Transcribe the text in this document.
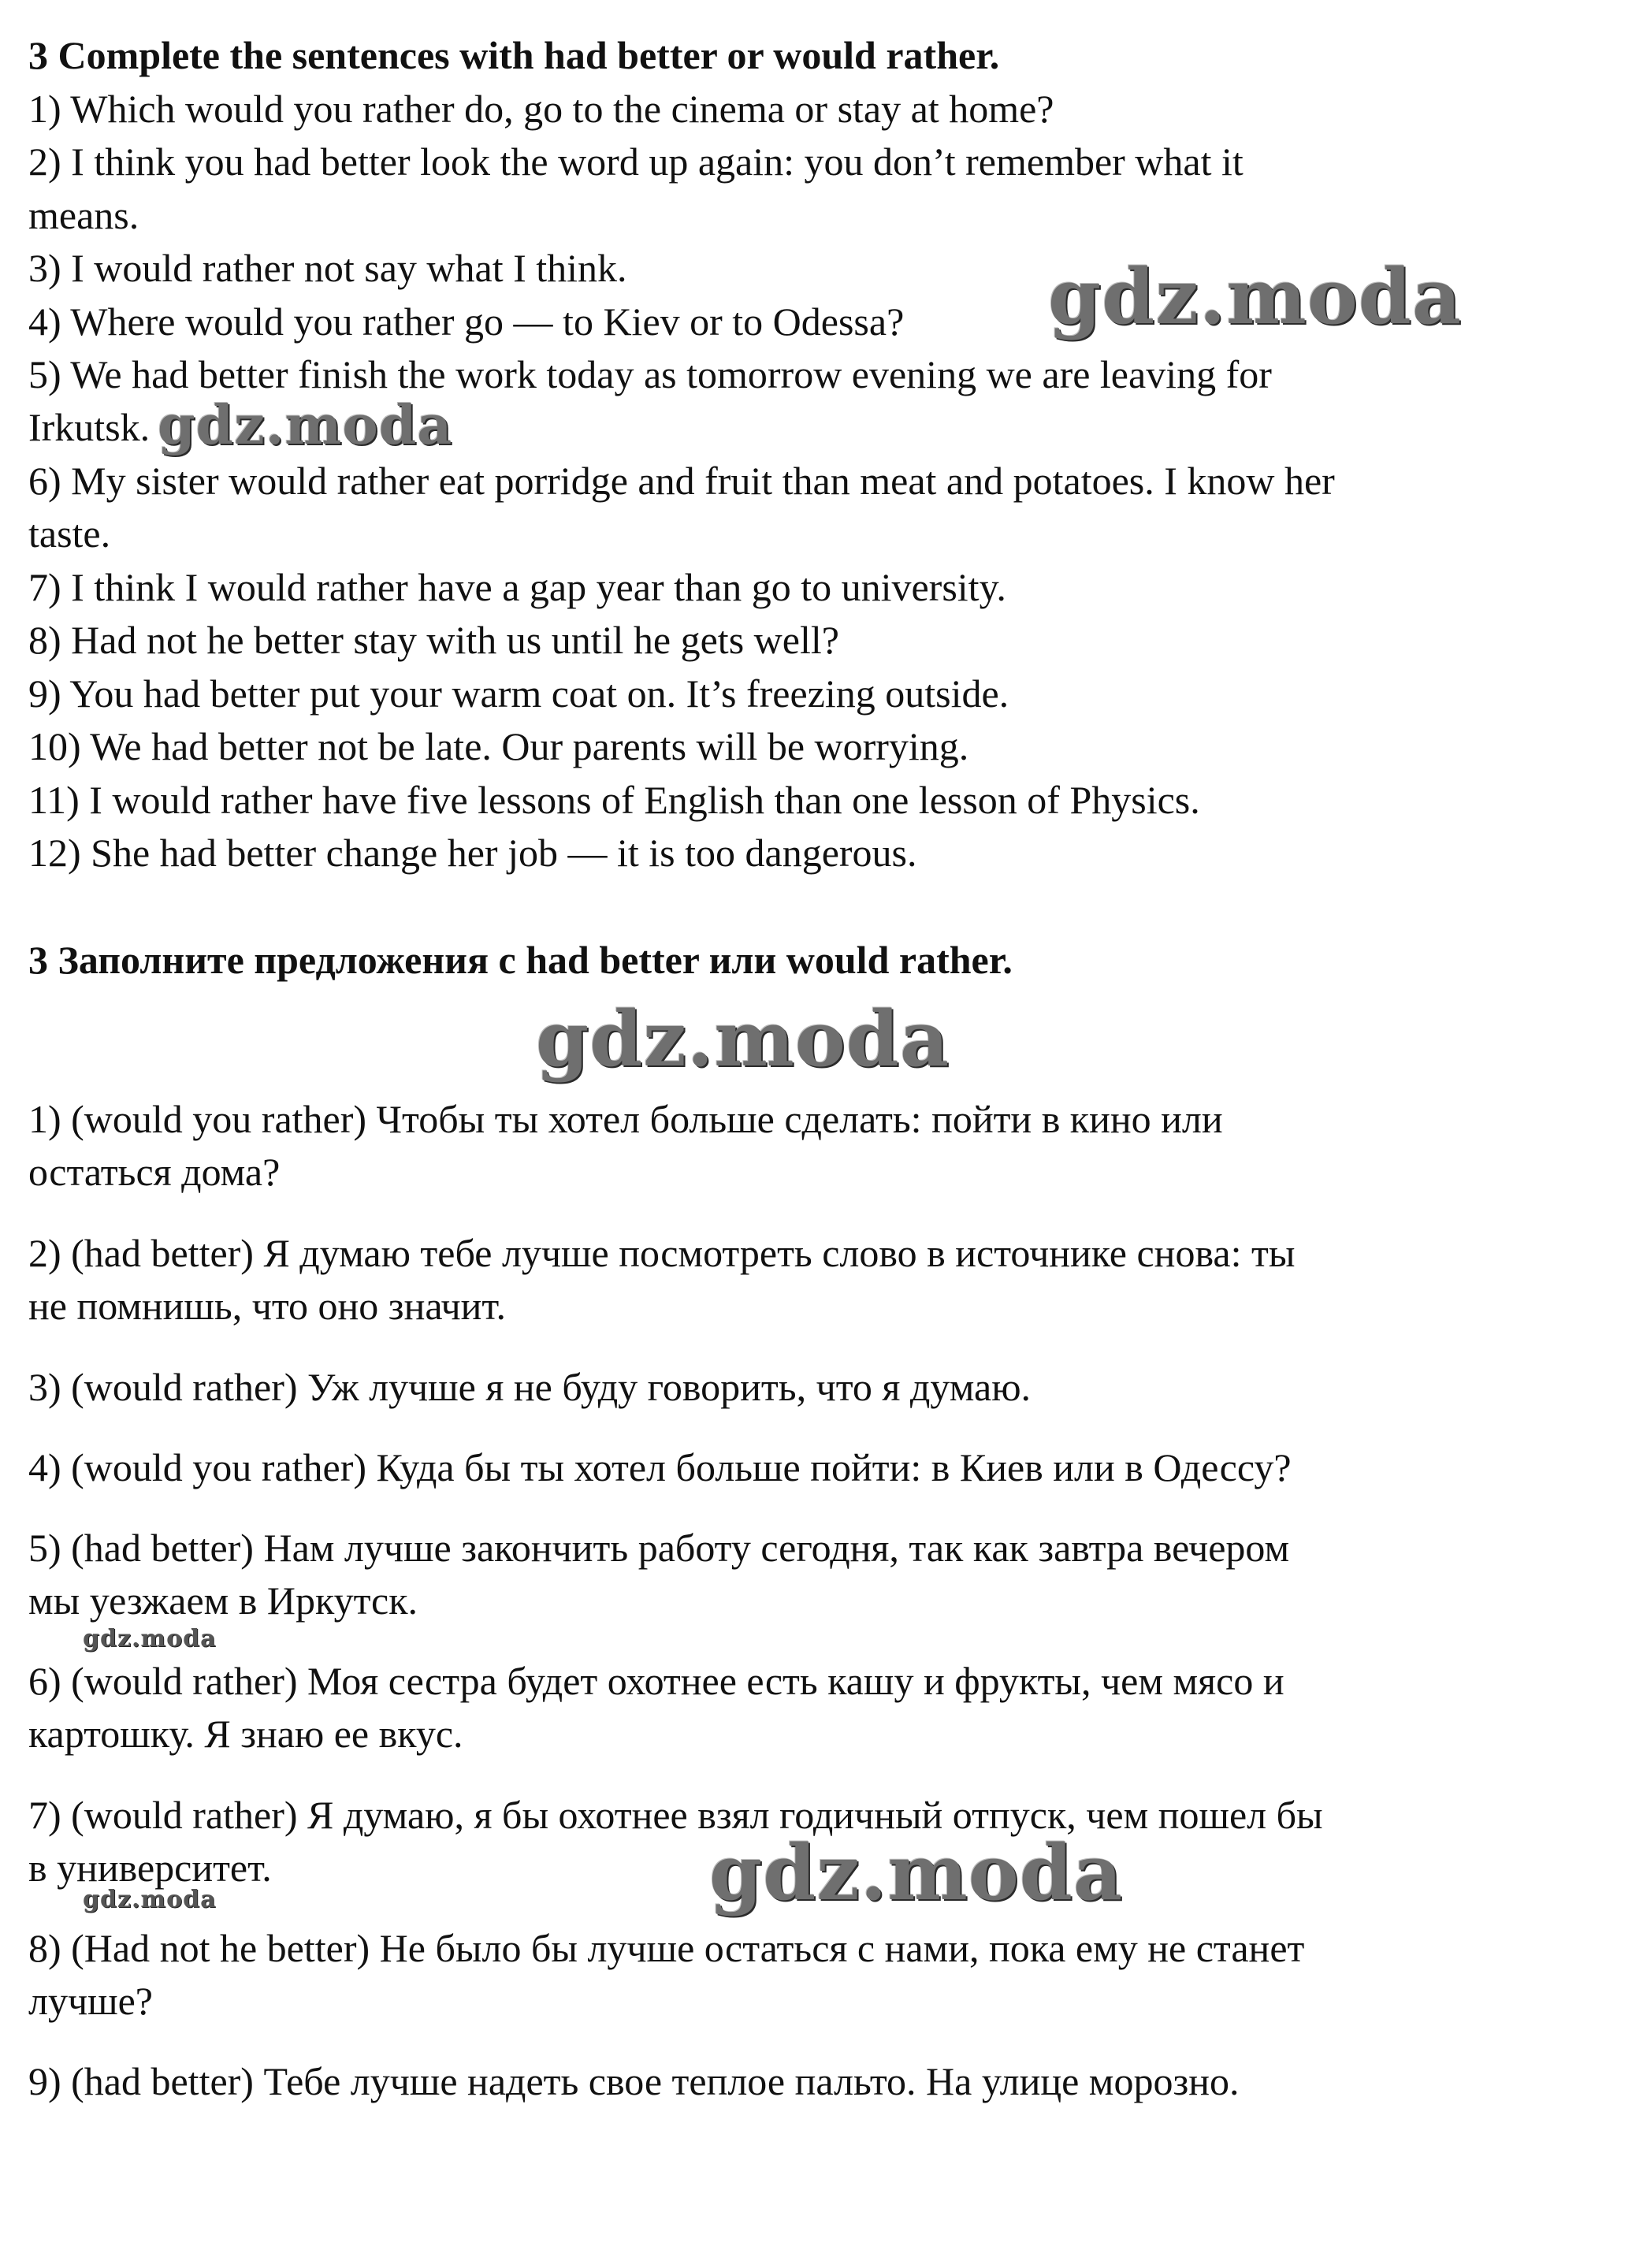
3 Complete the sentences with had better or would rather.
1) Which would you rather do, go to the cinema or stay at home?
2) I think you had better look the word up again: you don’t remember what it
means.
3) I would rather not say what I think.
4) Where would you rather go — to Kiev or to Odessa?
5) We had better finish the work today as tomorrow evening we are leaving for
Irkutsk.
6) My sister would rather eat porridge and fruit than meat and potatoes. I know her
taste.
7) I think I would rather have a gap year than go to university.
8) Had not he better stay with us until he gets well?
9) You had better put your warm coat on. It’s freezing outside.
10) We had better not be late. Our parents will be worrying.
11) I would rather have five lessons of English than one lesson of Physics.
12) She had better change her job — it is too dangerous.
3 Заполните предложения с had better или would rather.
1) (would you rather) Чтобы ты хотел больше сделать: пойти в кино или
остаться дома?
2) (had better) Я думаю тебе лучше посмотреть слово в источнике снова: ты
не помнишь, что оно значит.
3) (would rather) Уж лучше я не буду говорить, что я думаю.
4) (would you rather) Куда бы ты хотел больше пойти: в Киев или в Одессу?
5) (had better) Нам лучше закончить работу сегодня, так как завтра вечером
мы уезжаем в Иркутск.
6) (would rather) Моя сестра будет охотнее есть кашу и фрукты, чем мясо и
картошку. Я знаю ее вкус.
7) (would rather) Я думаю, я бы охотнее взял годичный отпуск, чем пошел бы
в университет.
8) (Had not he better) Не было бы лучше остаться с нами, пока ему не станет
лучше?
9) (had better) Тебе лучше надеть свое теплое пальто. На улице морозно.
gdz.moda
gdz.moda
gdz.moda
gdz.moda
gdz.moda
gdz.moda
